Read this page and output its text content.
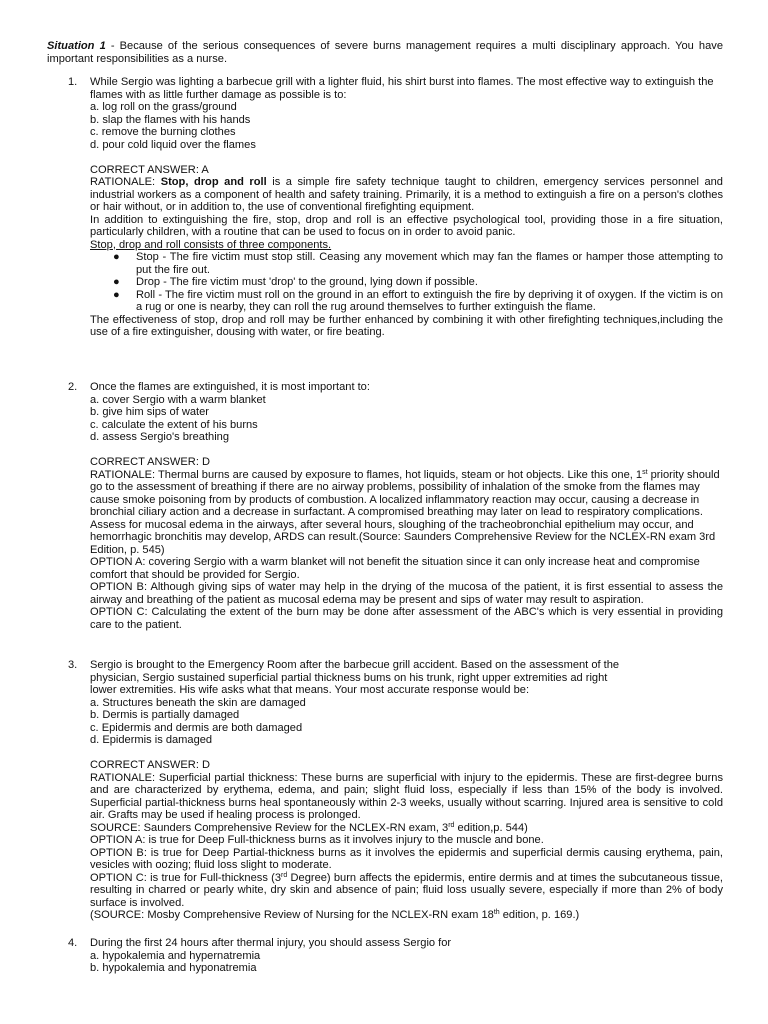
Situation 1 - Because of the serious consequences of severe burns management requires a multi disciplinary approach. You have important responsibilities as a nurse.
1.	While Sergio was lighting a barbecue grill with a lighter fluid, his shirt burst into flames. The most effective way to extinguish the flames with as little further damage as possible is to:
a. log roll on the grass/ground
b. slap the flames with his hands
c. remove the burning clothes
d. pour cold liquid over the flames
CORRECT ANSWER: A
RATIONALE: Stop, drop and roll is a simple fire safety technique taught to children, emergency services personnel and industrial workers as a component of health and safety training. Primarily, it is a method to extinguish a fire on a person's clothes or hair without, or in addition to, the use of conventional firefighting equipment.
In addition to extinguishing the fire, stop, drop and roll is an effective psychological tool, providing those in a fire situation, particularly children, with a routine that can be used to focus on in order to avoid panic.
Stop, drop and roll consists of three components.
● Stop - The fire victim must stop still. Ceasing any movement which may fan the flames or hamper those attempting to put the fire out.
● Drop - The fire victim must 'drop' to the ground, lying down if possible.
● Roll - The fire victim must roll on the ground in an effort to extinguish the fire by depriving it of oxygen. If the victim is on a rug or one is nearby, they can roll the rug around themselves to further extinguish the flame.
The effectiveness of stop, drop and roll may be further enhanced by combining it with other firefighting techniques,including the use of a fire extinguisher, dousing with water, or fire beating.
2.	Once the flames are extinguished, it is most important to:
a. cover Sergio with a warm blanket
b. give him sips of water
c. calculate the extent of his burns
d. assess Sergio's breathing
CORRECT ANSWER: D
RATIONALE: Thermal burns are caused by exposure to flames, hot liquids, steam or hot objects. Like this one, 1st priority should go to the assessment of breathing if there are no airway problems, possibility of inhalation of the smoke from the flames may cause smoke poisoning from by products of combustion. A localized inflammatory reaction may occur, causing a decrease in bronchial ciliary action and a decrease in surfactant. A compromised breathing may later on lead to respiratory complications. Assess for mucosal edema in the airways, after several hours, sloughing of the tracheobronchial epithelium may occur, and hemorrhagic bronchitis may develop, ARDS can result.(Source: Saunders Comprehensive Review for the NCLEX-RN exam 3rd Edition, p. 545)
OPTION A: covering Sergio with a warm blanket will not benefit the situation since it can only increase heat and compromise comfort that should be provided for Sergio.
OPTION B: Although giving sips of water may help in the drying of the mucosa of the patient, it is first essential to assess the airway and breathing of the patient as mucosal edema may be present and sips of water may result to aspiration.
OPTION C: Calculating the extent of the burn may be done after assessment of the ABC's which is very essential in providing care to the patient.
3.	Sergio is brought to the Emergency Room after the barbecue grill accident. Based on the assessment of the
physician, Sergio sustained superficial partial thickness bums on his trunk, right upper extremities ad right
lower extremities. His wife asks what that means. Your most accurate response would be:
a. Structures beneath the skin are damaged
b. Dermis is partially damaged
c. Epidermis and dermis are both damaged
d. Epidermis is damaged
CORRECT ANSWER: D
RATIONALE: Superficial partial thickness: These burns are superficial with injury to the epidermis. These are first-degree burns and are characterized by erythema, edema, and pain; slight fluid loss, especially if less than 15% of the body is involved. Superficial partial-thickness burns heal spontaneously within 2-3 weeks, usually without scarring. Injured area is sensitive to cold air. Grafts may be used if healing process is prolonged.
SOURCE: Saunders Comprehensive Review for the NCLEX-RN exam, 3rd edition,p. 544)
OPTION A: is true for Deep Full-thickness burns as it involves injury to the muscle and bone.
OPTION B: is true for Deep Partial-thickness burns as it involves the epidermis and superficial dermis causing erythema, pain, vesicles with oozing; fluid loss slight to moderate.
OPTION C: is true for Full-thickness (3rd Degree) burn affects the epidermis, entire dermis and at times the subcutaneous tissue, resulting in charred or pearly white, dry skin and absence of pain; fluid loss usually severe, especially if more than 2% of body surface is involved.
(SOURCE: Mosby Comprehensive Review of Nursing for the NCLEX-RN exam 18th edition, p. 169.)
4.	During the first 24 hours after thermal injury, you should assess Sergio for
a. hypokalemia and hypernatremia
b. hypokalemia and hyponatremia
